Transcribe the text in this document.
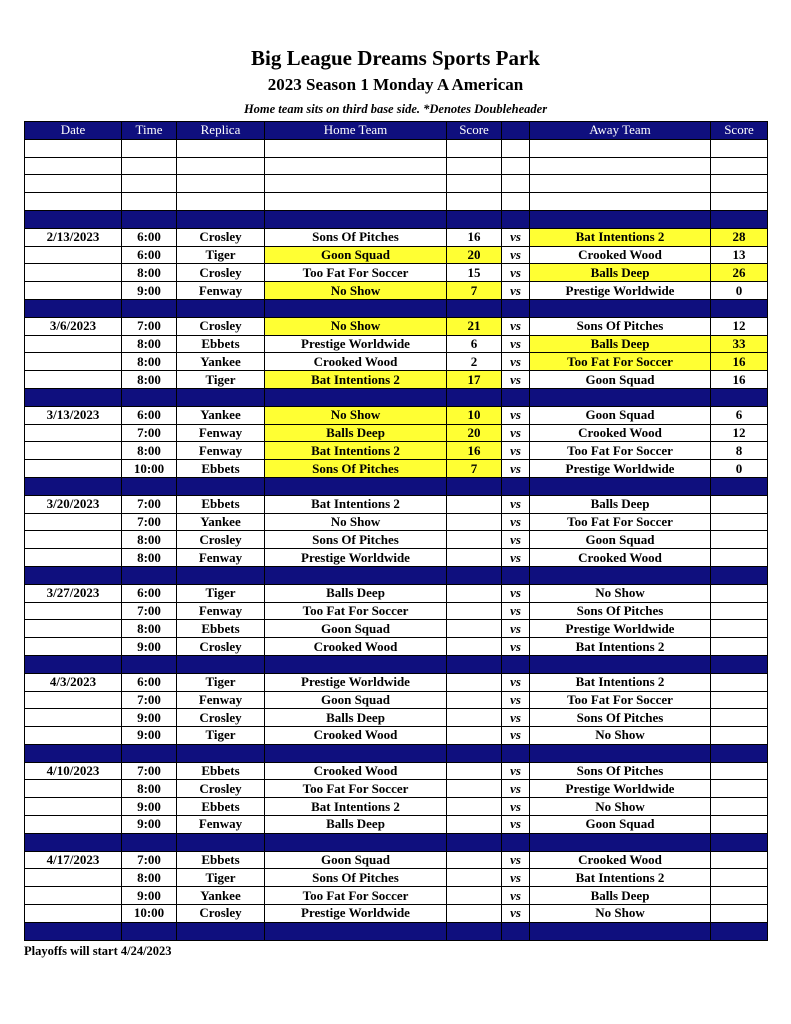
Big League Dreams Sports Park
2023 Season 1 Monday A American
Home team sits on third base side. *Denotes Doubleheader
Date	Time	Replica	Home Team	Score		Away Team	Score

2/13/2023	6:00	Crosley	Sons Of Pitches	16	vs	Bat Intentions 2	28
	6:00	Tiger	Goon Squad	20	vs	Crooked Wood	13
	8:00	Crosley	Too Fat For Soccer	15	vs	Balls Deep	26
	9:00	Fenway	No Show	7	vs	Prestige Worldwide	0

3/6/2023	7:00	Crosley	No Show	21	vs	Sons Of Pitches	12
	8:00	Ebbets	Prestige Worldwide	6	vs	Balls Deep	33
	8:00	Yankee	Crooked Wood	2	vs	Too Fat For Soccer	16
	8:00	Tiger	Bat Intentions 2	17	vs	Goon Squad	16

3/13/2023	6:00	Yankee	No Show	10	vs	Goon Squad	6
	7:00	Fenway	Balls Deep	20	vs	Crooked Wood	12
	8:00	Fenway	Bat Intentions 2	16	vs	Too Fat For Soccer	8
	10:00	Ebbets	Sons Of Pitches	7	vs	Prestige Worldwide	0

3/20/2023	7:00	Ebbets	Bat Intentions 2		vs	Balls Deep	
	7:00	Yankee	No Show		vs	Too Fat For Soccer	
	8:00	Crosley	Sons Of Pitches		vs	Goon Squad	
	8:00	Fenway	Prestige Worldwide		vs	Crooked Wood	

3/27/2023	6:00	Tiger	Balls Deep		vs	No Show	
	7:00	Fenway	Too Fat For Soccer		vs	Sons Of Pitches	
	8:00	Ebbets	Goon Squad		vs	Prestige Worldwide	
	9:00	Crosley	Crooked Wood		vs	Bat Intentions 2	

4/3/2023	6:00	Tiger	Prestige Worldwide		vs	Bat Intentions 2	
	7:00	Fenway	Goon Squad		vs	Too Fat For Soccer	
	9:00	Crosley	Balls Deep		vs	Sons Of Pitches	
	9:00	Tiger	Crooked Wood		vs	No Show	

4/10/2023	7:00	Ebbets	Crooked Wood		vs	Sons Of Pitches	
	8:00	Crosley	Too Fat For Soccer		vs	Prestige Worldwide	
	9:00	Ebbets	Bat Intentions 2		vs	No Show	
	9:00	Fenway	Balls Deep		vs	Goon Squad	

4/17/2023	7:00	Ebbets	Goon Squad		vs	Crooked Wood	
	8:00	Tiger	Sons Of Pitches		vs	Bat Intentions 2	
	9:00	Yankee	Too Fat For Soccer		vs	Balls Deep	
	10:00	Crosley	Prestige Worldwide		vs	No Show	

Playoffs will start 4/24/2023
